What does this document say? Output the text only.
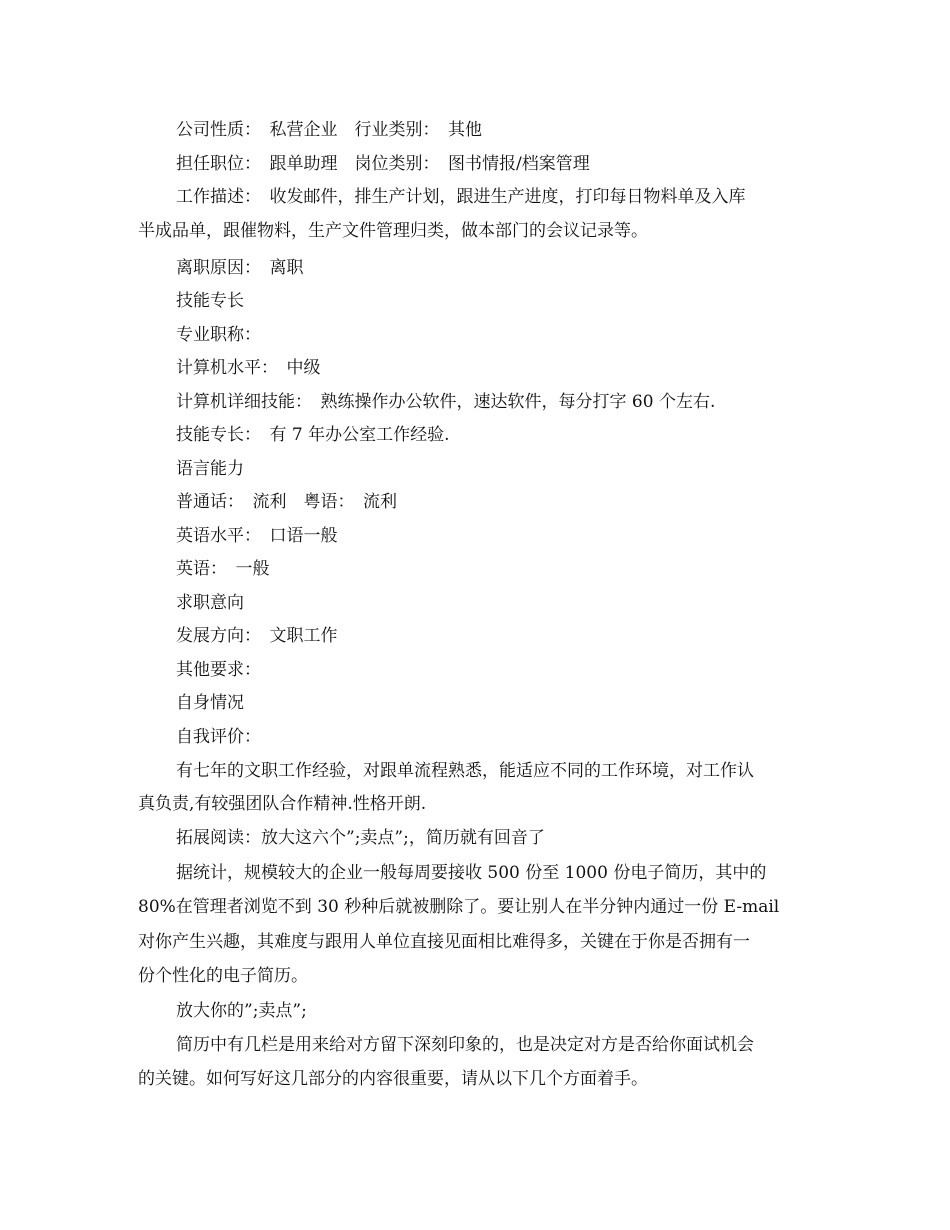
公司性质：　私营企业　行业类别：　其他
担任职位：　跟单助理　岗位类别：　图书情报/档案管理
工作描述：　收发邮件，排生产计划，跟进生产进度，打印每日物料单及入库
半成品单，跟催物料，生产文件管理归类，做本部门的会议记录等。
离职原因：　离职
技能专长
专业职称：
计算机水平：　中级
计算机详细技能：　熟练操作办公软件，速达软件，每分打字 60 个左右.
技能专长：　有 7 年办公室工作经验.
语言能力
普通话：　流利　粤语：　流利
英语水平：　口语一般
英语：　一般
求职意向
发展方向：　文职工作
其他要求：
自身情况
自我评价：
有七年的文职工作经验，对跟单流程熟悉，能适应不同的工作环境，对工作认
真负责,有较强团队合作精神.性格开朗.
拓展阅读：放大这六个”;卖点”;，简历就有回音了
据统计，规模较大的企业一般每周要接收 500 份至 1000 份电子简历，其中的
80%在管理者浏览不到 30 秒种后就被删除了。要让别人在半分钟内通过一份 E-mail
对你产生兴趣，其难度与跟用人单位直接见面相比难得多，关键在于你是否拥有一
份个性化的电子简历。
放大你的”;卖点”;
简历中有几栏是用来给对方留下深刻印象的，也是决定对方是否给你面试机会
的关键。如何写好这几部分的内容很重要，请从以下几个方面着手。
